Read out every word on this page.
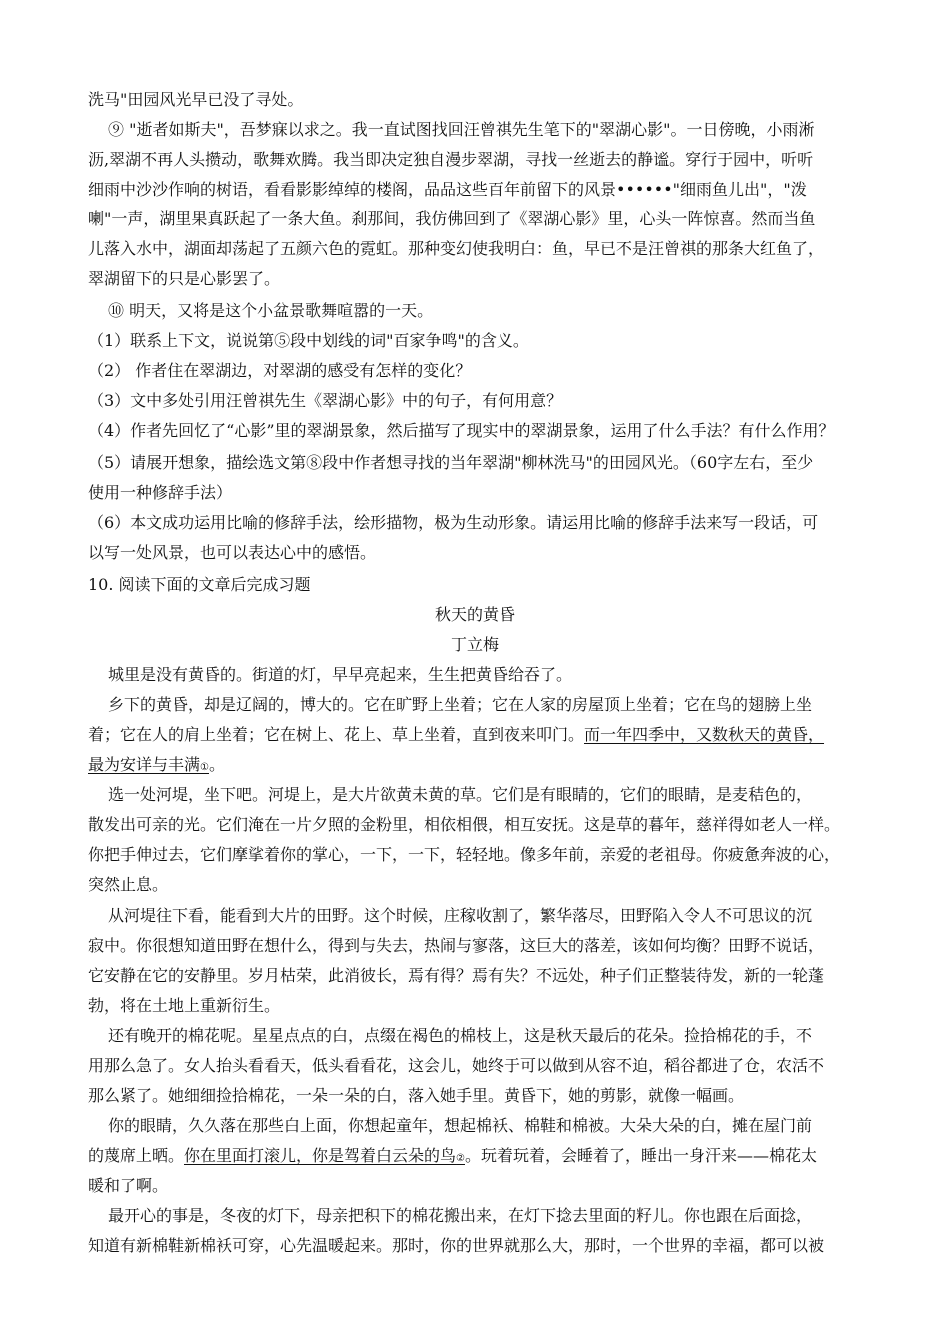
洗马"田园风光早已没了寻处。
⑨ "逝者如斯夫"，吾梦寐以求之。我一直试图找回汪曾祺先生笔下的"翠湖心影"。一日傍晚，小雨淅
沥,翠湖不再人头攒动，歌舞欢腾。我当即决定独自漫步翠湖，寻找一丝逝去的静谧。穿行于园中，听听
细雨中沙沙作响的树语，看看影影绰绰的楼阁，品品这些百年前留下的风景••••••"细雨鱼儿出"，"泼
喇"一声，湖里果真跃起了一条大鱼。刹那间，我仿佛回到了《翠湖心影》里，心头一阵惊喜。然而当鱼
儿落入水中，湖面却荡起了五颜六色的霓虹。那种变幻使我明白：鱼，早已不是汪曾祺的那条大红鱼了，
翠湖留下的只是心影罢了。
⑩ 明天，又将是这个小盆景歌舞喧嚣的一天。
（1）联系上下文，说说第⑤段中划线的词"百家争鸣"的含义。
（2） 作者住在翠湖边，对翠湖的感受有怎样的变化？
（3）文中多处引用汪曾祺先生《翠湖心影》中的句子，有何用意？
（4）作者先回忆了“心影”里的翠湖景象，然后描写了现实中的翠湖景象，运用了什么手法？有什么作用？
（5）请展开想象，描绘选文第⑧段中作者想寻找的当年翠湖"柳林洗马"的田园风光。（60字左右，至少
使用一种修辞手法）
（6）本文成功运用比喻的修辞手法，绘形描物，极为生动形象。请运用比喻的修辞手法来写一段话，可
以写一处风景，也可以表达心中的感悟。
10. 阅读下面的文章后完成习题
秋天的黄昏
丁立梅
城里是没有黄昏的。街道的灯，早早亮起来，生生把黄昏给吞了。
乡下的黄昏，却是辽阔的，博大的。它在旷野上坐着；它在人家的房屋顶上坐着；它在鸟的翅膀上坐
着；它在人的肩上坐着；它在树上、花上、草上坐着，直到夜来叩门。而一年四季中，又数秋天的黄昏，
最为安详与丰满①。
选一处河堤，坐下吧。河堤上，是大片欲黄未黄的草。它们是有眼睛的，它们的眼睛，是麦秸色的，
散发出可亲的光。它们淹在一片夕照的金粉里，相依相偎，相互安抚。这是草的暮年，慈祥得如老人一样。
你把手伸过去，它们摩挲着你的掌心，一下，一下，轻轻地。像多年前，亲爱的老祖母。你疲惫奔波的心，
突然止息。
从河堤往下看，能看到大片的田野。这个时候，庄稼收割了，繁华落尽，田野陷入令人不可思议的沉
寂中。你很想知道田野在想什么，得到与失去，热闹与寥落，这巨大的落差，该如何均衡？田野不说话，
它安静在它的安静里。岁月枯荣，此消彼长，焉有得？焉有失？不远处，种子们正整装待发，新的一轮蓬
勃，将在土地上重新衍生。
还有晚开的棉花呢。星星点点的白，点缀在褐色的棉枝上，这是秋天最后的花朵。捡拾棉花的手，不
用那么急了。女人抬头看看天，低头看看花，这会儿，她终于可以做到从容不迫，稻谷都进了仓，农活不
那么紧了。她细细捡拾棉花，一朵一朵的白，落入她手里。黄昏下，她的剪影，就像一幅画。
你的眼睛，久久落在那些白上面，你想起童年，想起棉袄、棉鞋和棉被。大朵大朵的白，摊在屋门前
的蔑席上晒。你在里面打滚儿，你是驾着白云朵的鸟②。玩着玩着，会睡着了，睡出一身汗来——棉花太
暖和了啊。
最开心的事是，冬夜的灯下，母亲把积下的棉花搬出来，在灯下捻去里面的籽儿。你也跟在后面捻，
知道有新棉鞋新棉袄可穿，心先温暖起来。那时，你的世界就那么大，那时，一个世界的幸福，都可以被
